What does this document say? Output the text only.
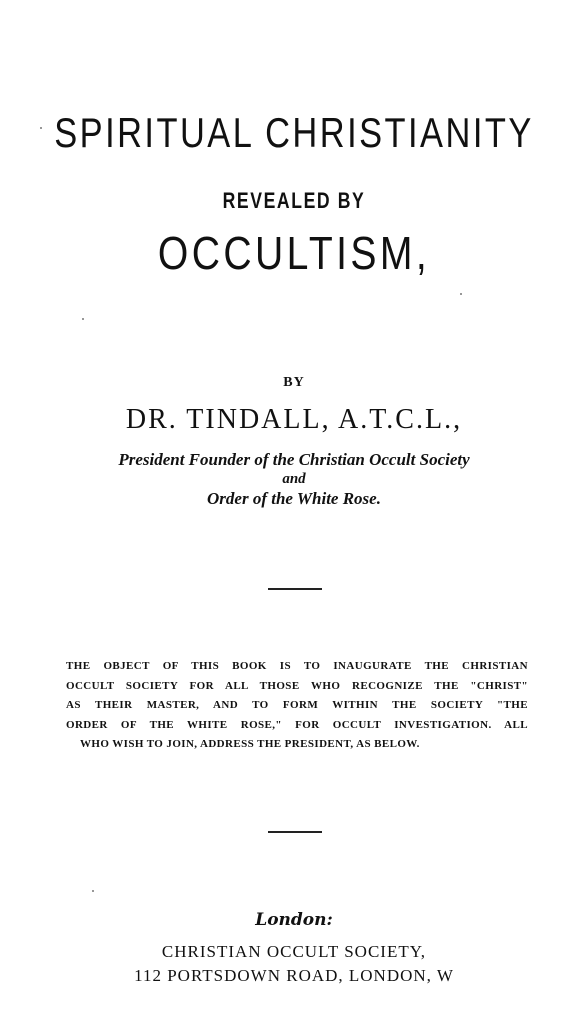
SPIRITUAL CHRISTIANITY
REVEALED BY
OCCULTISM,
BY
DR. TINDALL, A.T.C.L.,
President Founder of the Christian Occult Society
and
Order of the White Rose.
THE OBJECT OF THIS BOOK IS TO INAUGURATE THE CHRISTIAN
OCCULT SOCIETY FOR ALL THOSE WHO RECOGNIZE THE "CHRIST"
AS THEIR MASTER, AND TO FORM WITHIN THE SOCIETY "THE
ORDER OF THE WHITE ROSE," FOR OCCULT INVESTIGATION. ALL
WHO WISH TO JOIN, ADDRESS THE PRESIDENT, AS BELOW.
London:
CHRISTIAN OCCULT SOCIETY,
112 PORTSDOWN ROAD, LONDON, W
